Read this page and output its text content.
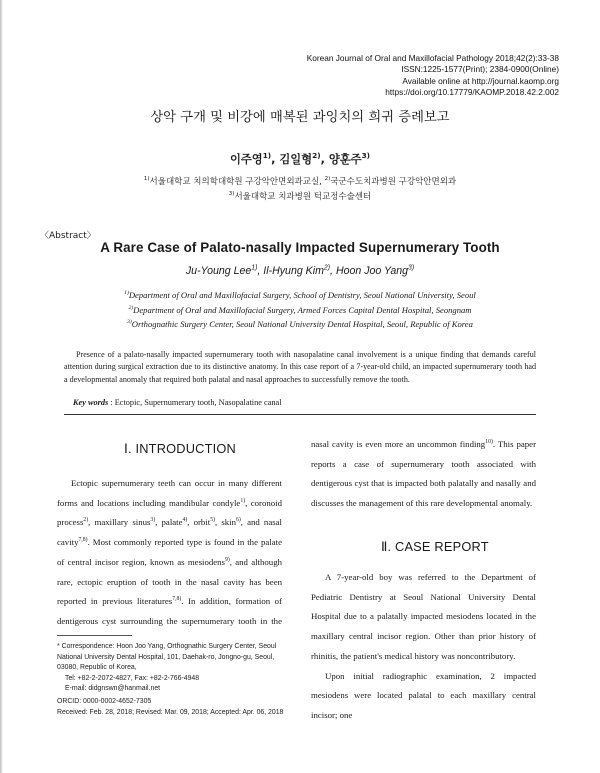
Korean Journal of Oral and Maxillofacial Pathology 2018;42(2):33-38
ISSN:1225-1577(Print); 2384-0900(Online)
Available online at http://journal.kaomp.org
https://doi.org/10.17779/KAOMP.2018.42.2.002
상악 구개 및 비강에 매복된 과잉치의 희귀 증례보고
이주영$^{1)}$, 김일형$^{2)}$, 양훈주$^{3)}$
$^{1)}$서울대학교 치의학대학원 구강악안면외과교실, $^{2)}$국군수도치과병원 구강악안면외과
$^{3)}$서울대학교 치과병원 턱교정수술센터
〈Abstract〉
A Rare Case of Palato-nasally Impacted Supernumerary Tooth
Ju-Young Lee$^{1)}$, Il-Hyung Kim$^{2)}$, Hoon Joo Yang$^{3)}$
$^{1)}$Department of Oral and Maxillofacial Surgery, School of Dentistry, Seoul National University, Seoul
$^{2)}$Department of Oral and Maxillofacial Surgery, Armed Forces Capital Dental Hospital, Seongnam
$^{3)}$Orthognathic Surgery Center, Seoul National University Dental Hospital, Seoul, Republic of Korea

Presence of a palato-nasally impacted supernumerary tooth with nasopalatine canal involvement is a unique finding that demands careful attention during surgical extraction due to its distinctive anatomy. In this case report of a 7-year-old child, an impacted supernumerary tooth had a developmental anomaly that required both palatal and nasal approaches to successfully remove the tooth.

Key words : Ectopic, Supernumerary tooth, Nasopalatine canal
Ⅰ. INTRODUCTION

Ectopic supernumerary teeth can occur in many different forms and locations including mandibular condyle$^{1)}$, coronoid process$^{2)}$, maxillary sinus$^{3)}$, palate$^{4)}$, orbit$^{5)}$, skin$^{6)}$, and nasal cavity$^{7,8)}$. Most commonly reported type is found in the palate of central incisor region, known as mesiodens$^{9)}$, and although rare, ectopic eruption of tooth in the nasal cavity has been reported in previous literatures$^{7,8)}$. In addition, formation of dentigerous cyst surrounding the supernumerary tooth in the

nasal cavity is even more an uncommon finding$^{10)}$. This paper reports a case of supernumerary tooth associated with dentigerous cyst that is impacted both palatally and nasally and discusses the management of this rare developmental anomaly.

Ⅱ. CASE REPORT

A 7-year-old boy was referred to the Department of Pediatric Dentistry at Seoul National University Dental Hospital due to a palatally impacted mesiodens located in the maxillary central incisor region. Other than prior history of rhinitis, the patient's medical history was noncontributory.

Upon initial radiographic examination, 2 impacted mesiodens were located palatal to each maxillary central incisor; one

* Correspondence: Hoon Joo Yang, Orthognathic Surgery Center, Seoul National University Dental Hospital, 101, Daehak-ro, Jongno-gu, Seoul, 03080, Republic of Korea,
Tel: +82-2-2072-4827, Fax: +82-2-766-4948
E-mail: didgnswn@hanmail.net
ORCID: 0000-0002-4652-7305
Received: Feb. 28, 2018; Revised: Mar. 09, 2018; Accepted: Apr. 06, 2018
